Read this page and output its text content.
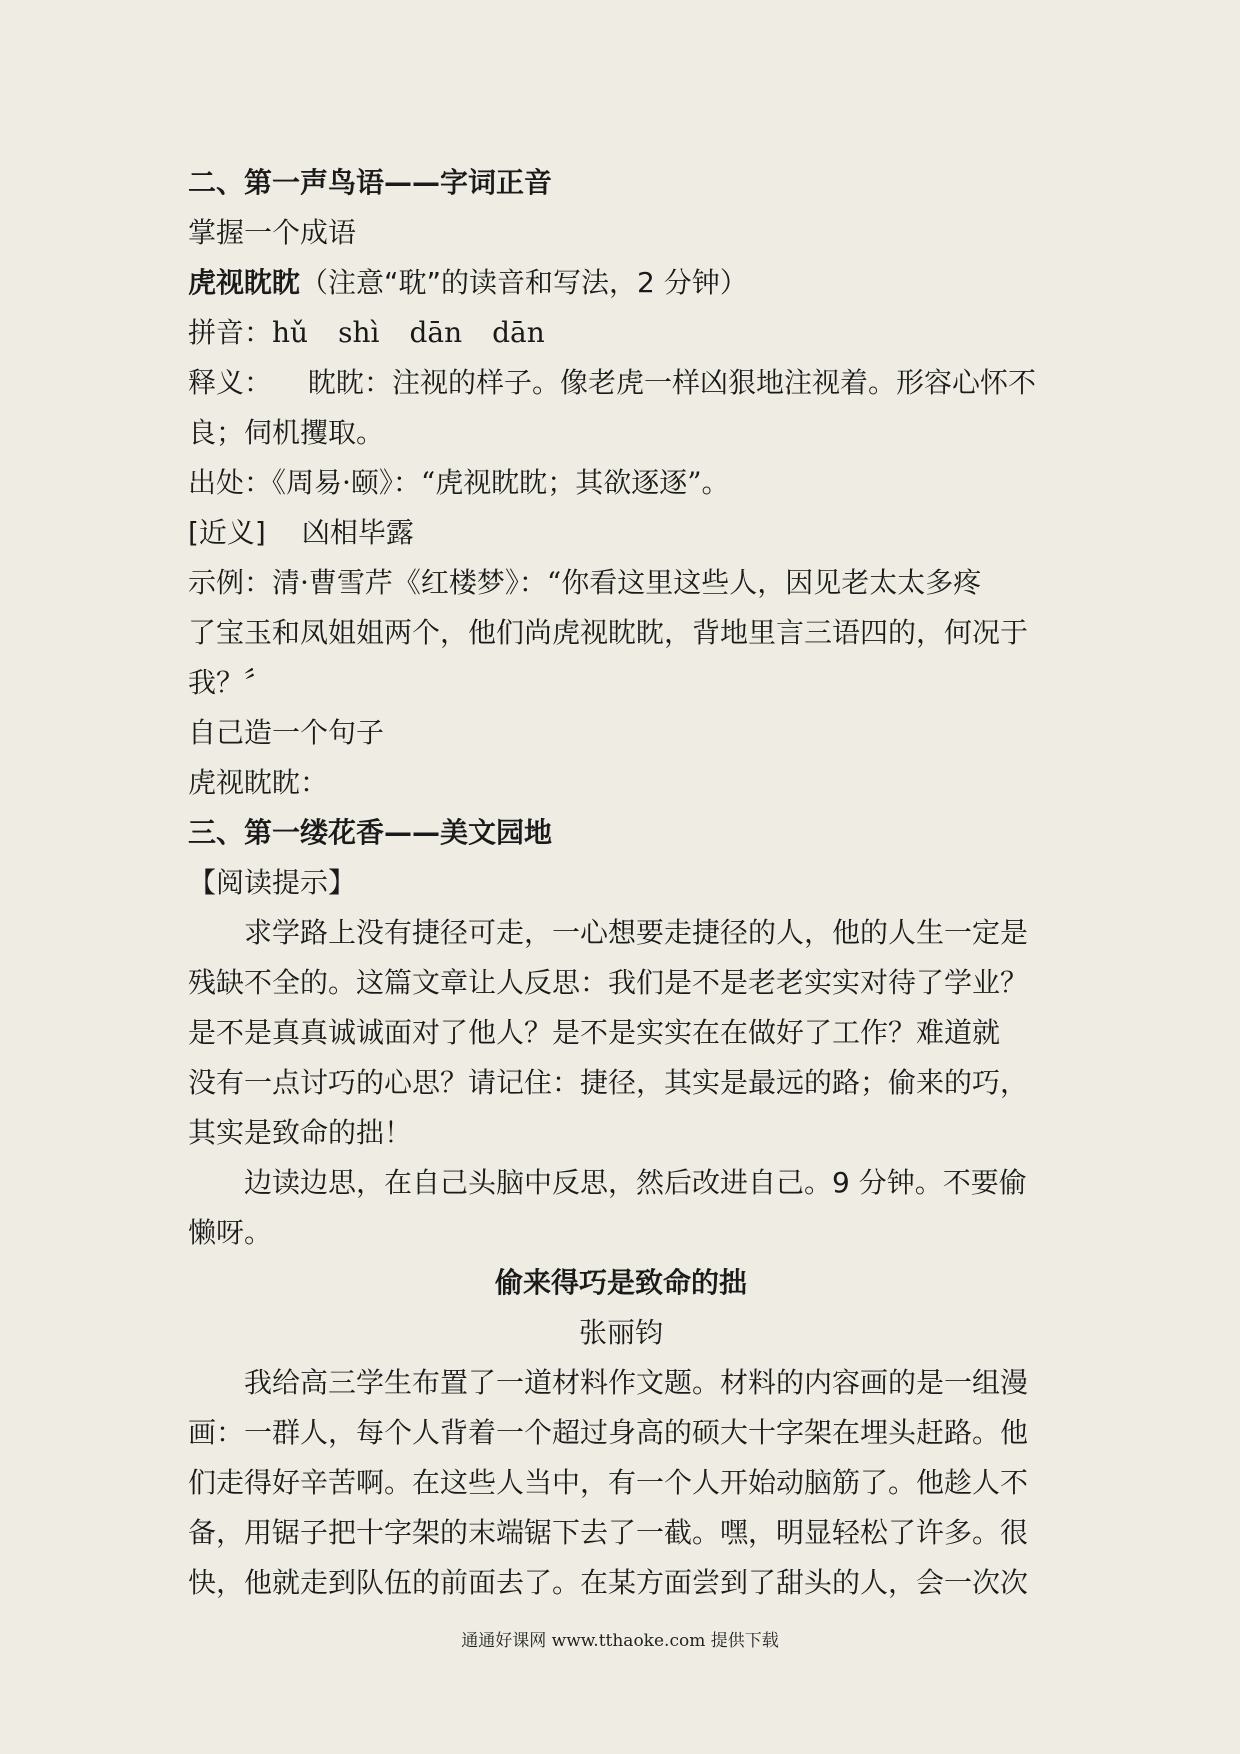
二、第一声鸟语——字词正音

掌握一个成语

虎视眈眈（注意“耽”的读音和写法，2 分钟）

拼音：hǔ shì dān dān

释义： 眈眈：注视的样子。像老虎一样凶狠地注视着。形容心怀不

良；伺机攫取。

出处：《周易·颐》：“虎视眈眈；其欲逐逐”。

[近义] 凶相毕露

示例：清·曹雪芹《红楼梦》：“你看这里这些人，因见老太太多疼

了宝玉和凤姐姐两个，他们尚虎视眈眈，背地里言三语四的，何况于

我？〞

自己造一个句子

虎视眈眈：

三、第一缕花香——美文园地

【阅读提示】

求学路上没有捷径可走，一心想要走捷径的人，他的人生一定是

残缺不全的。这篇文章让人反思：我们是不是老老实实对待了学业？

是不是真真诚诚面对了他人？是不是实实在在做好了工作？难道就

没有一点讨巧的心思？请记住：捷径，其实是最远的路；偷来的巧，

其实是致命的拙！

边读边思，在自己头脑中反思，然后改进自己。9 分钟。不要偷

懒呀。

偷来得巧是致命的拙

张丽钧

我给高三学生布置了一道材料作文题。材料的内容画的是一组漫

画：一群人，每个人背着一个超过身高的硕大十字架在埋头赶路。他

们走得好辛苦啊。在这些人当中，有一个人开始动脑筋了。他趁人不

备，用锯子把十字架的末端锯下去了一截。嘿，明显轻松了许多。很

快，他就走到队伍的前面去了。在某方面尝到了甜头的人，会一次次

通通好课网 www.tthaoke.com 提供下载
